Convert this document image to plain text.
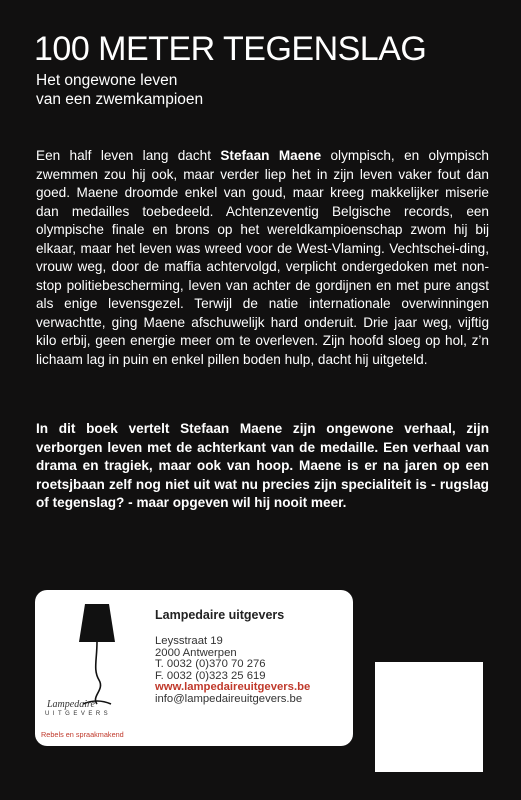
100 METER TEGENSLAG

Het ongewone leven
van een zwemkampioen

Een half leven lang dacht Stefaan Maene olympisch, en olympisch zwemmen zou hij ook, maar verder liep het in zijn leven vaker fout dan goed. Maene droomde enkel van goud, maar kreeg makkelijker miserie dan medailles toebedeeld. Achtenzeventig Belgische records, een olympische finale en brons op het wereldkampioenschap zwom hij bij elkaar, maar het leven was wreed voor de West-Vlaming. Vechtschei-ding, vrouw weg, door de maffia achtervolgd, verplicht ondergedoken met non-stop politiebescherming, leven van achter de gordijnen en met pure angst als enige levensgezel. Terwijl de natie internationale overwinningen verwachtte, ging Maene afschuwelijk hard onderuit. Drie jaar weg, vijftig kilo erbij, geen energie meer om te overleven. Zijn hoofd sloeg op hol, z’n lichaam lag in puin en enkel pillen boden hulp, dacht hij uitgeteld.

In dit boek vertelt Stefaan Maene zijn ongewone verhaal, zijn verborgen leven met de achterkant van de medaille. Een verhaal van drama en tragiek, maar ook van hoop. Maene is er na jaren op een roetsjbaan zelf nog niet uit wat nu precies zijn specialiteit is - rugslag of tegenslag? - maar opgeven wil hij nooit meer.

Lampedaire
UITGEVERS
Rebels en spraakmakend
Lampedaire uitgevers
Leysstraat 19
2000 Antwerpen
T. 0032 (0)370 70 276
F. 0032 (0)323 25 619
www.lampedaireuitgevers.be
info@lampedaireuitgevers.be
